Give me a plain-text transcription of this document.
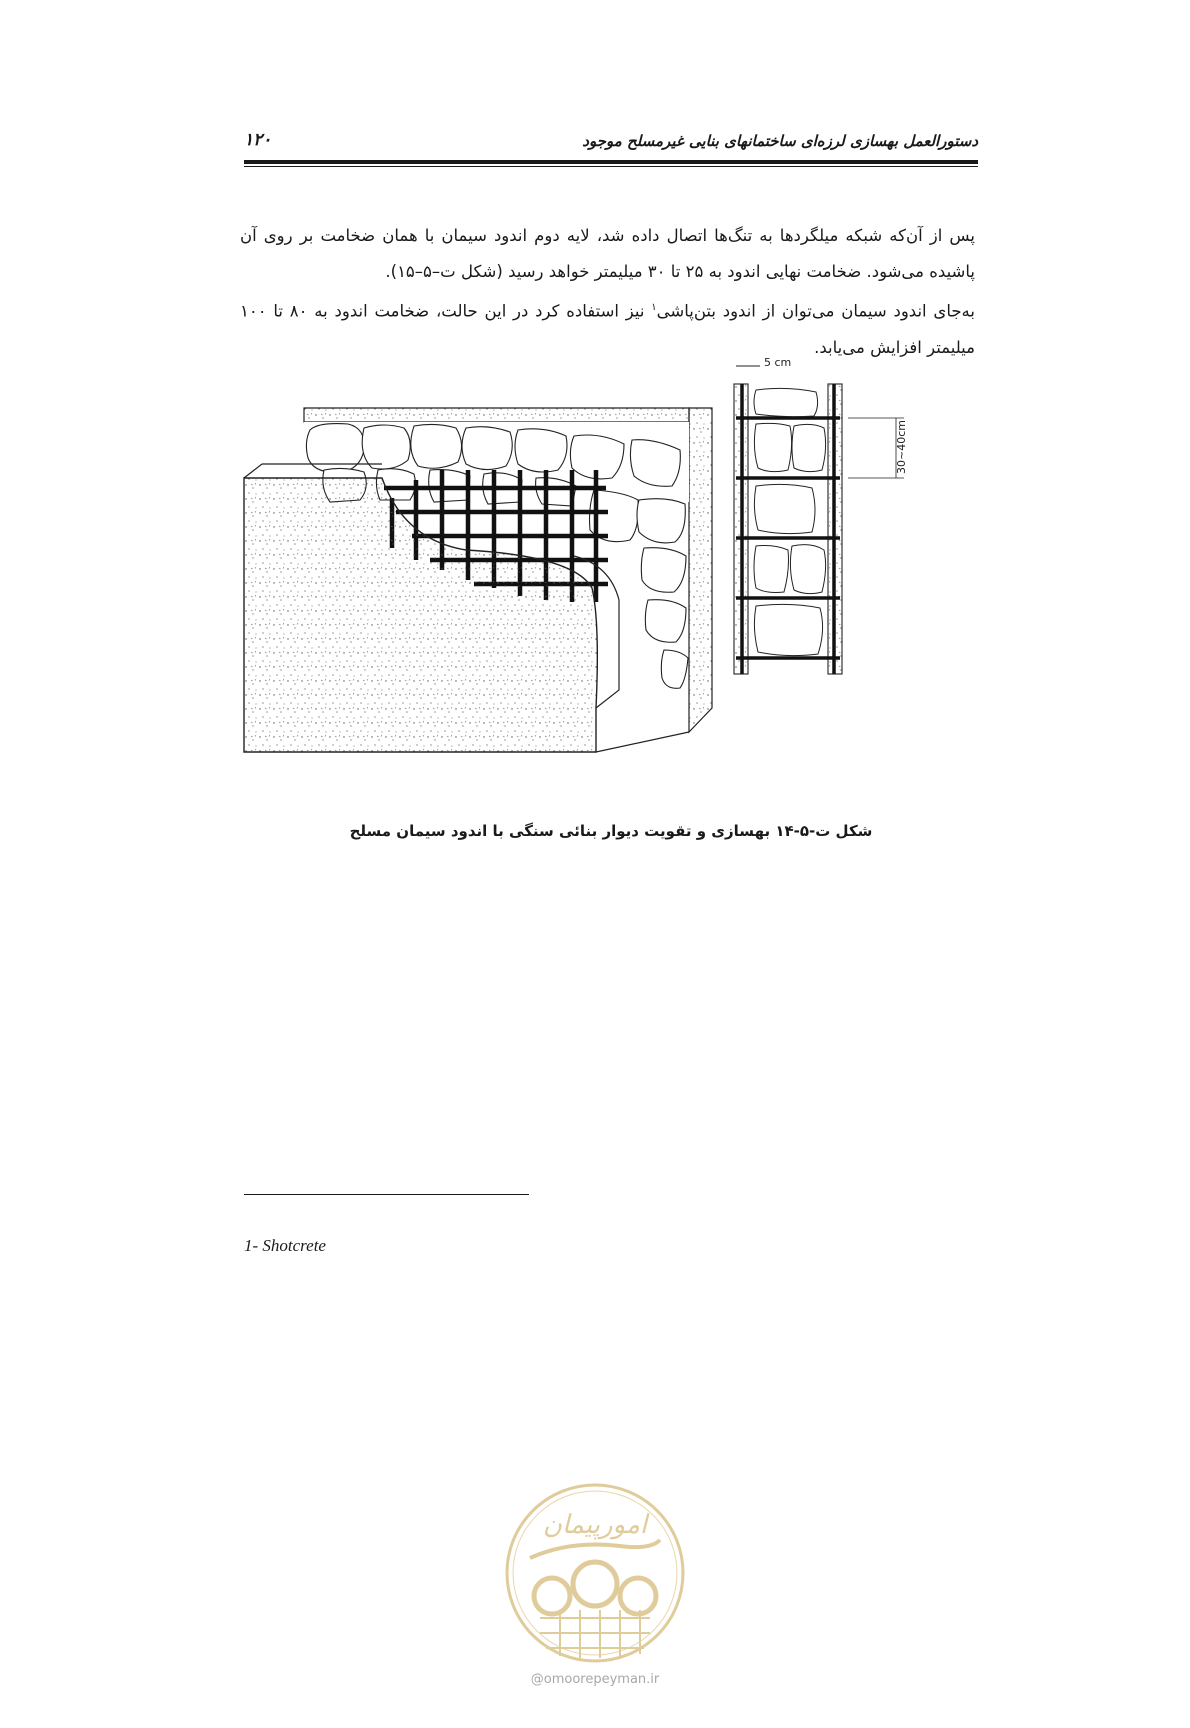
۱۲۰	دستورالعمل بهسازی لرزه‌ای ساختمانهای بنایی غیرمسلح موجود

پس از آن‌که شبکه میلگردها به تنگ‌ها اتصال داده شد، لایه دوم اندود سیمان با همان ضخامت بر روی آن پاشیده می‌شود. ضخامت نهایی اندود به ۲۵ تا ۳۰ میلیمتر خواهد رسید (شکل ت–۵–۱۵).

به‌جای اندود سیمان می‌توان از اندود بتن‌پاشی$^۱$ نیز استفاده کرد در این حالت، ضخامت اندود به ۸۰ تا ۱۰۰ میلیمتر افزایش می‌یابد.

5 cm
30~40cm
شکل ت-۵-۱۴ بهسازی و تقویت دیوار بنائی سنگی با اندود سیمان مسلح
1- Shotcrete
امورپیمان
@omoorepeyman.ir
